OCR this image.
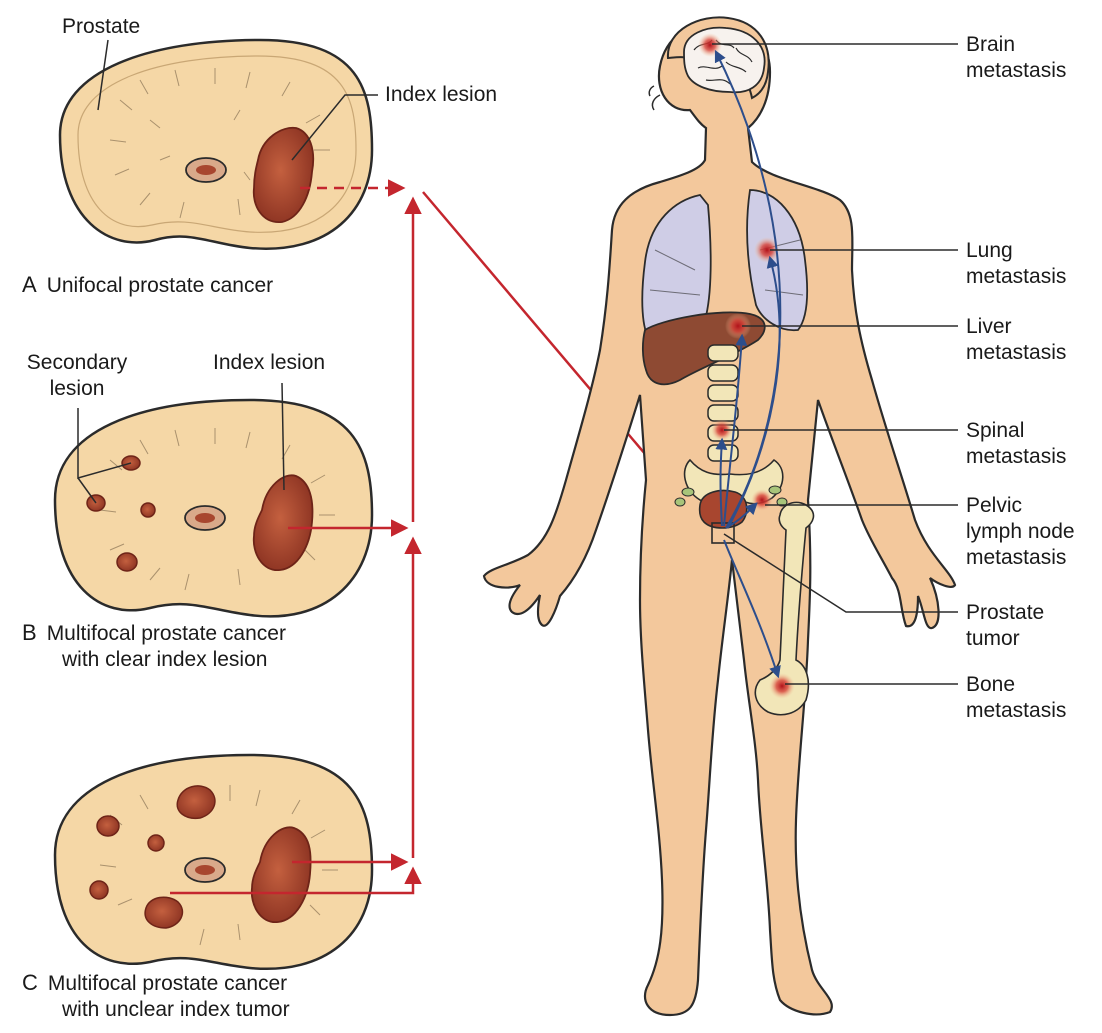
Prostate
Index lesion
A Unifocal prostate cancer
Secondary
lesion
Index lesion
B Multifocal prostate cancer
with clear index lesion
C Multifocal prostate cancer
with unclear index tumor
Brain
metastasis
Lung
metastasis
Liver
metastasis
Spinal
metastasis
Pelvic
lymph node
metastasis
Prostate
tumor
Bone
metastasis
